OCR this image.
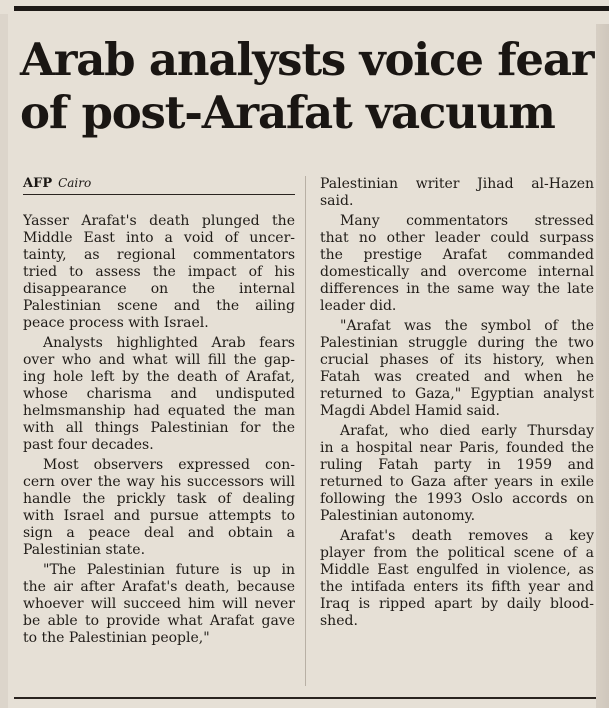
Arab analysts voice fear
of post-Arafat vacuum
AFP Cairo
Yasser Arafat's death plunged the
Middle East into a void of uncer-
tainty, as regional commentators
tried to assess the impact of his
disappearance on the internal
Palestinian scene and the ailing
peace process with Israel.
Analysts highlighted Arab fears
over who and what will fill the gap-
ing hole left by the death of Arafat,
whose charisma and undisputed
helmsmanship had equated the man
with all things Palestinian for the
past four decades.
Most observers expressed con-
cern over the way his successors will
handle the prickly task of dealing
with Israel and pursue attempts to
sign a peace deal and obtain a
Palestinian state.
"The Palestinian future is up in
the air after Arafat's death, because
whoever will succeed him will never
be able to provide what Arafat gave
to the Palestinian people,"
Palestinian writer Jihad al-Hazen
said.
Many commentators stressed
that no other leader could surpass
the prestige Arafat commanded
domestically and overcome internal
differences in the same way the late
leader did.
"Arafat was the symbol of the
Palestinian struggle during the two
crucial phases of its history, when
Fatah was created and when he
returned to Gaza," Egyptian analyst
Magdi Abdel Hamid said.
Arafat, who died early Thursday
in a hospital near Paris, founded the
ruling Fatah party in 1959 and
returned to Gaza after years in exile
following the 1993 Oslo accords on
Palestinian autonomy.
Arafat's death removes a key
player from the political scene of a
Middle East engulfed in violence, as
the intifada enters its fifth year and
Iraq is ripped apart by daily blood-
shed.
